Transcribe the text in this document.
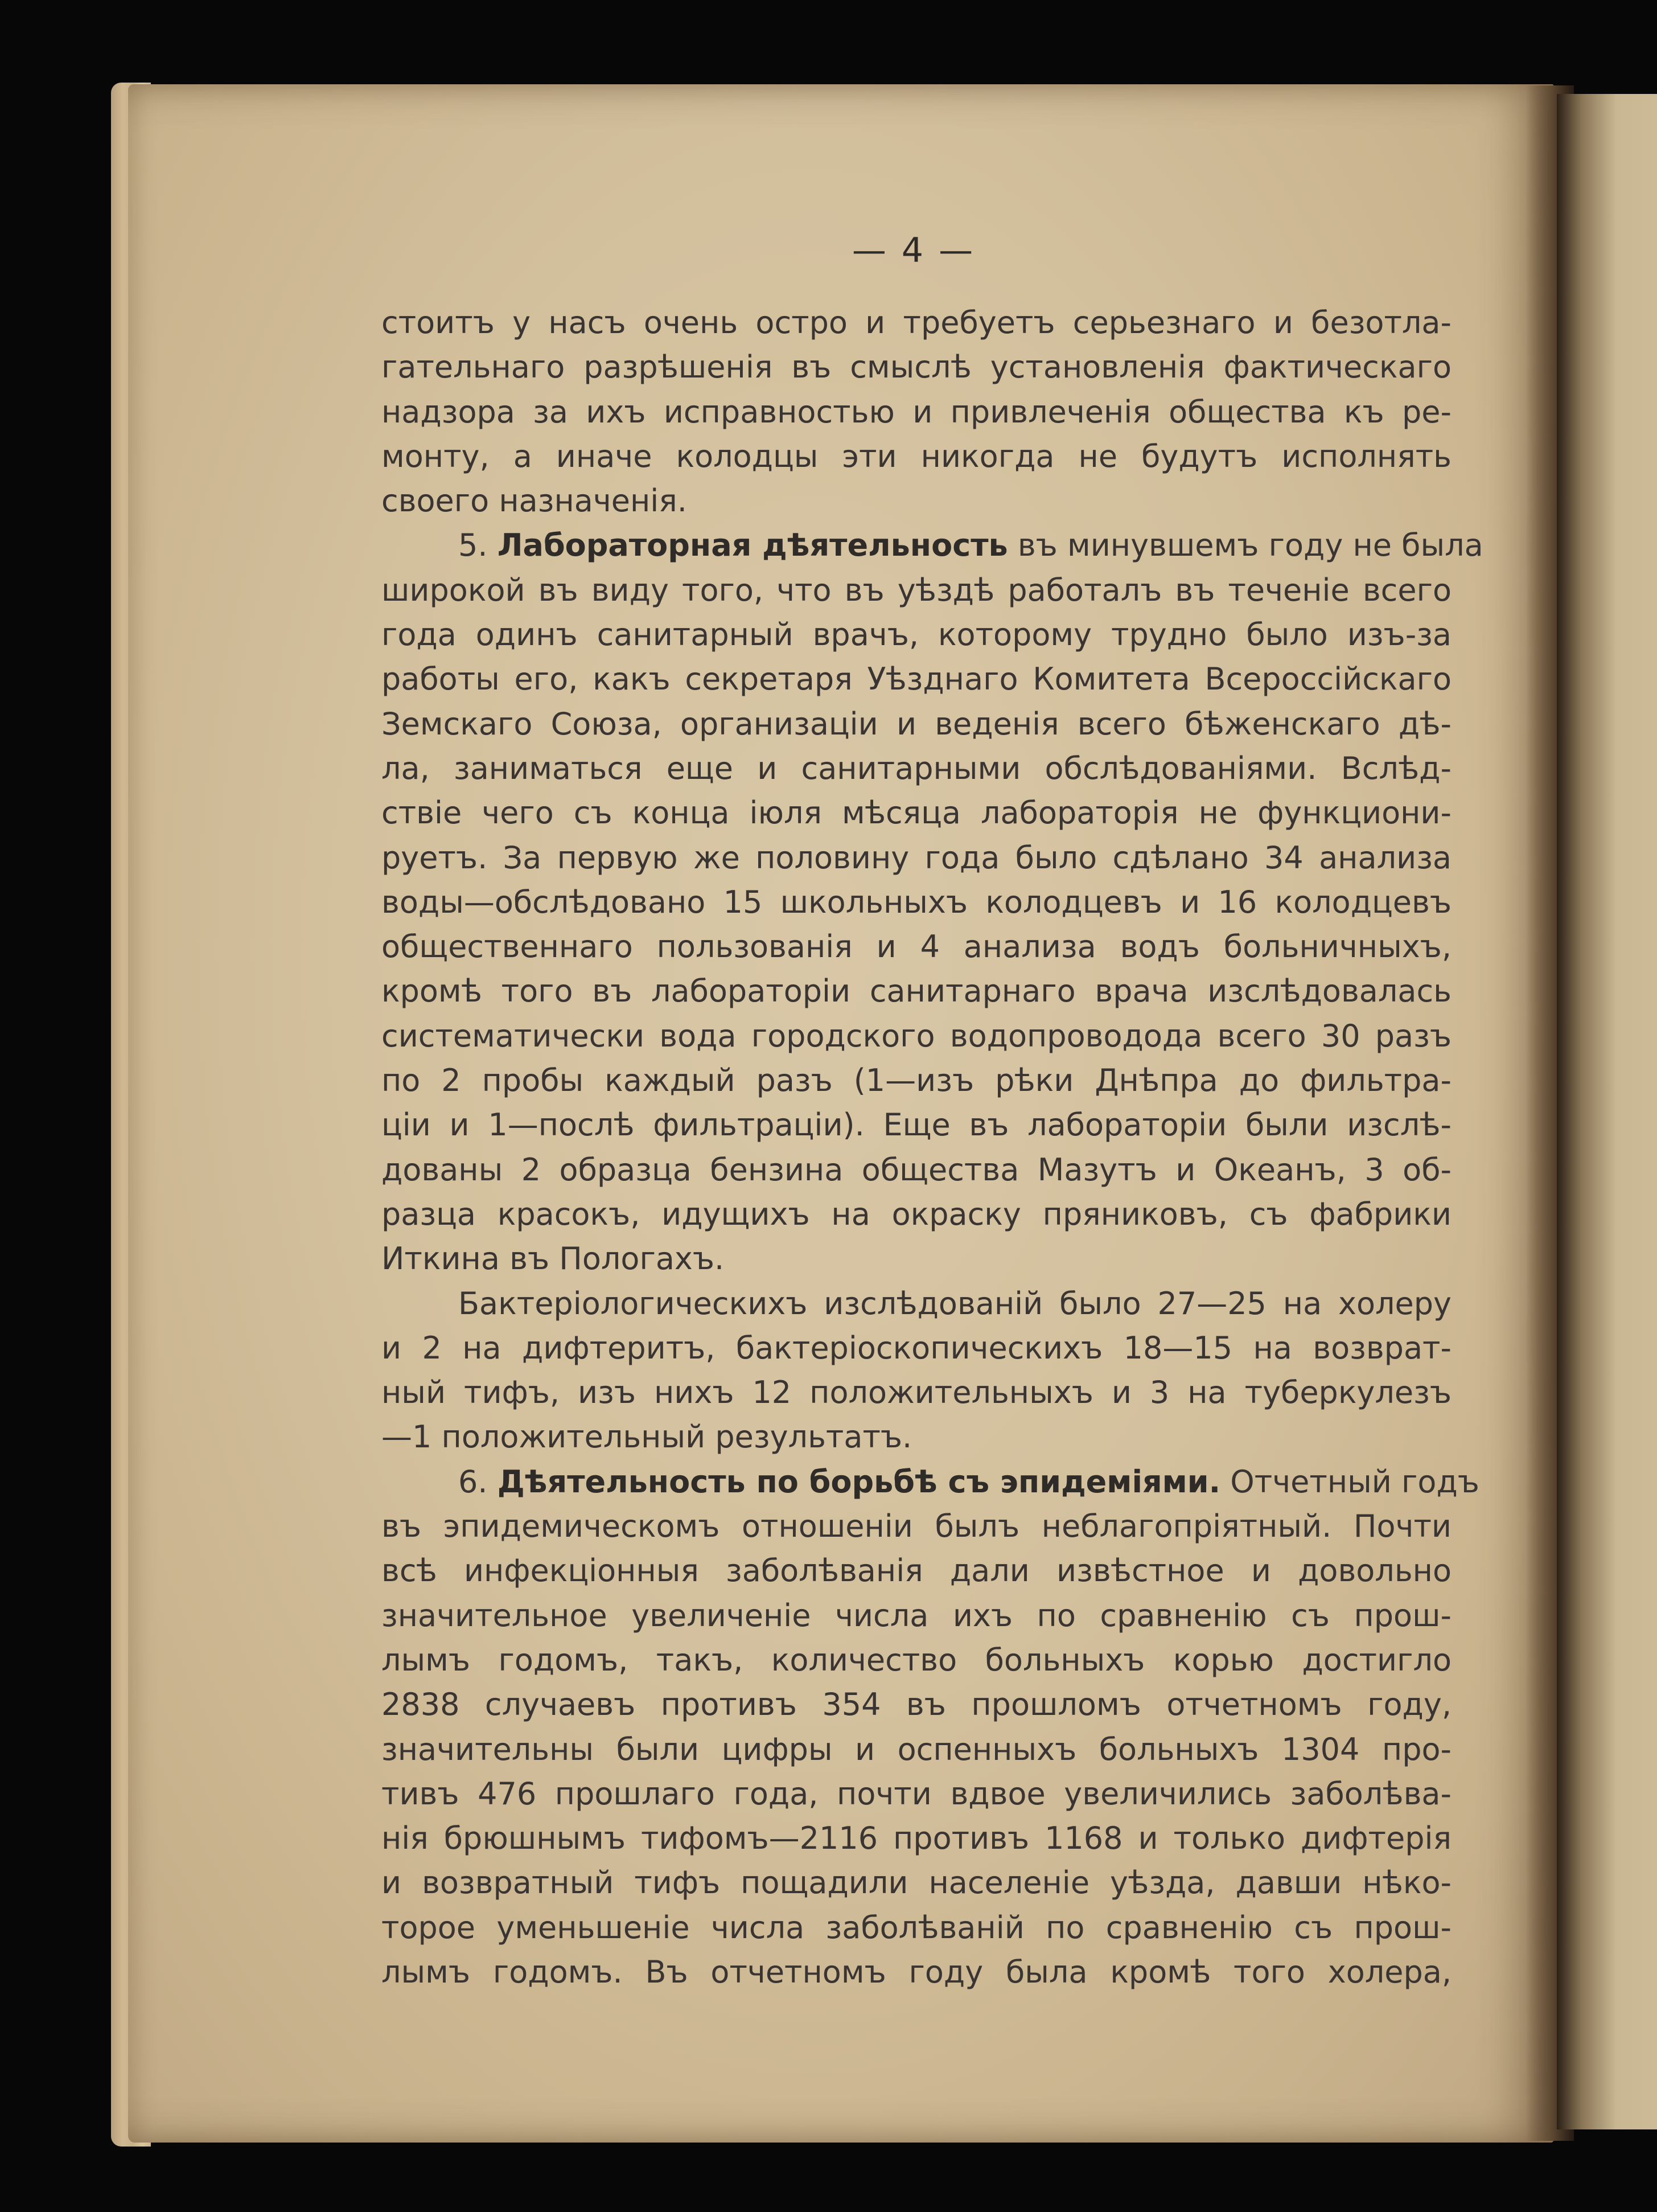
— 4 —
стоитъ у насъ очень остро и требуетъ серьезнаго и безотла-
гательнаго разрѣшенія въ смыслѣ установленія фактическаго
надзора за ихъ исправностью и привлеченія общества къ ре-
монту, а иначе колодцы эти никогда не будутъ исполнять
своего назначенія.
5. Лабораторная дѣятельность въ минувшемъ году не была
широкой въ виду того, что въ уѣздѣ работалъ въ теченіе всего
года одинъ санитарный врачъ, которому трудно было изъ-за
работы его, какъ секретаря Уѣзднаго Комитета Всероссійскаго
Земскаго Союза, организаціи и веденія всего бѣженскаго дѣ-
ла, заниматься еще и санитарными обслѣдованіями. Вслѣд-
ствіе чего съ конца іюля мѣсяца лабораторія не функциони-
руетъ. За первую же половину года было сдѣлано 34 анализа
воды—обслѣдовано 15 школьныхъ колодцевъ и 16 колодцевъ
общественнаго пользованія и 4 анализа водъ больничныхъ,
кромѣ того въ лабораторіи санитарнаго врача изслѣдовалась
систематически вода городского водопроводода всего 30 разъ
по 2 пробы каждый разъ (1—изъ рѣки Днѣпра до фильтра-
ціи и 1—послѣ фильтраціи). Еще въ лабораторіи были изслѣ-
дованы 2 образца бензина общества Мазутъ и Океанъ, 3 об-
разца красокъ, идущихъ на окраску пряниковъ, съ фабрики
Иткина въ Пологахъ.
Бактеріологическихъ изслѣдованій было 27—25 на холеру
и 2 на дифтеритъ, бактеріоскопическихъ 18—15 на возврат-
ный тифъ, изъ нихъ 12 положительныхъ и 3 на туберкулезъ
—1 положительный результатъ.
6. Дѣятельность по борьбѣ съ эпидеміями. Отчетный годъ
въ эпидемическомъ отношеніи былъ неблагопріятный. Почти
всѣ инфекціонныя заболѣванія дали извѣстное и довольно
значительное увеличеніе числа ихъ по сравненію съ прош-
лымъ годомъ, такъ, количество больныхъ корью достигло
2838 случаевъ противъ 354 въ прошломъ отчетномъ году,
значительны были цифры и оспенныхъ больныхъ 1304 про-
тивъ 476 прошлаго года, почти вдвое увеличились заболѣва-
нія брюшнымъ тифомъ—2116 противъ 1168 и только дифтерія
и возвратный тифъ пощадили населеніе уѣзда, давши нѣко-
торое уменьшеніе числа заболѣваній по сравненію съ прош-
лымъ годомъ. Въ отчетномъ году была кромѣ того холера,
